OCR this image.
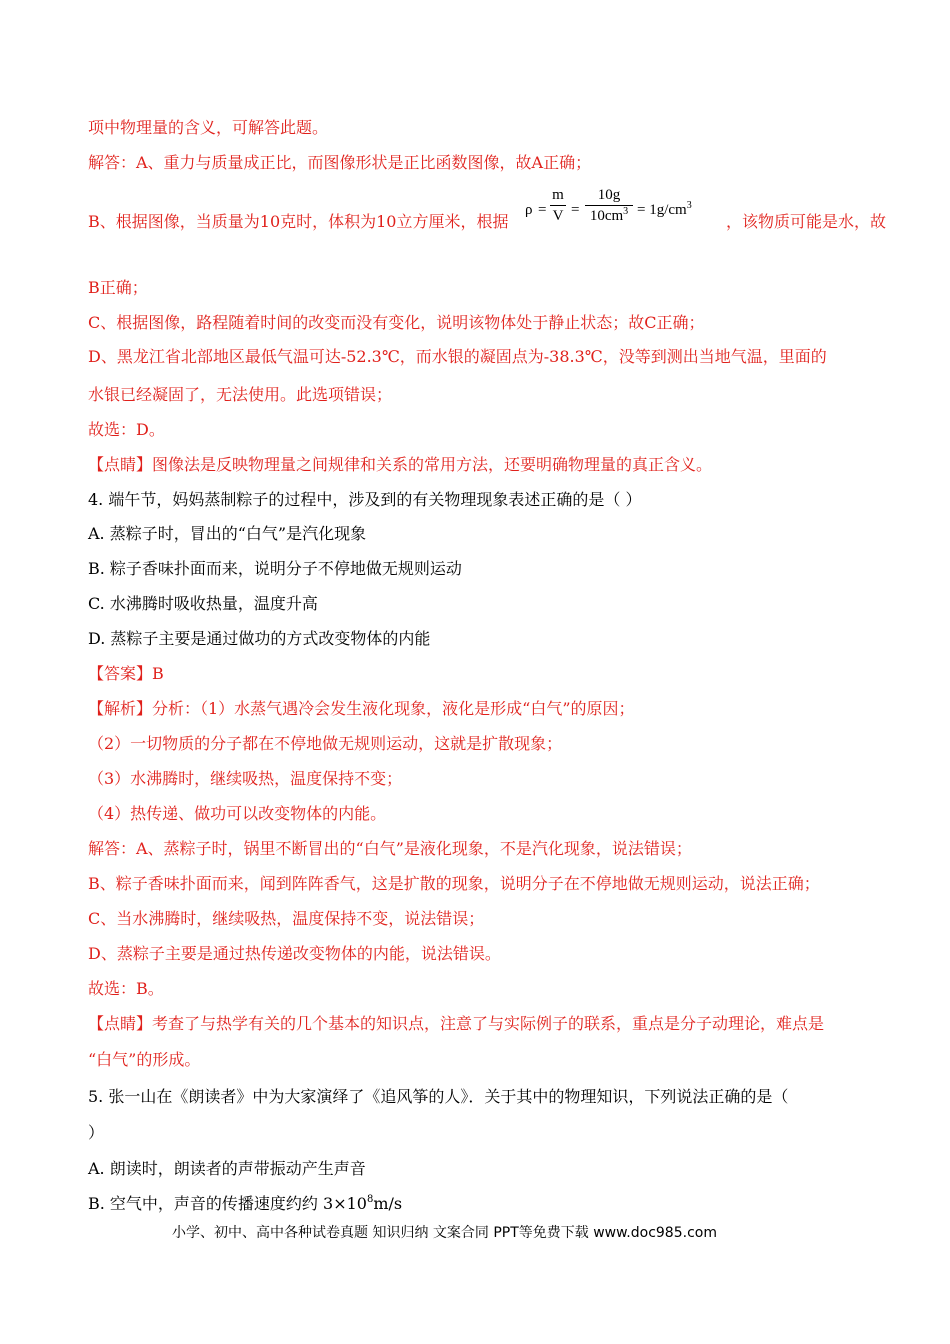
项中物理量的含义，可解答此题。
解答：A、重力与质量成正比，而图像形状是正比函数图像，故A正确；
B、根据图像，当质量为10克时，体积为10立方厘米，根据
ρ =
m
V =
10g
$10cm^3 = 1g/cm^3$
，该物质可能是水，故
B正确；
C、根据图像，路程随着时间的改变而没有变化，说明该物体处于静止状态；故C正确；
D、黑龙江省北部地区最低气温可达-52.3℃，而水银的凝固点为-38.3℃，没等到测出当地气温，里面的
水银已经凝固了，无法使用。此选项错误；
故选：D。
【点睛】图像法是反映物理量之间规律和关系的常用方法，还要明确物理量的真正含义。
4. 端午节，妈妈蒸制粽子的过程中，涉及到的有关物理现象表述正确的是（ ）
A. 蒸粽子时，冒出的“白气”是汽化现象
B. 粽子香味扑面而来，说明分子不停地做无规则运动
C. 水沸腾时吸收热量，温度升高
D. 蒸粽子主要是通过做功的方式改变物体的内能
【答案】B
【解析】分析：（1）水蒸气遇冷会发生液化现象，液化是形成“白气”的原因；
（2）一切物质的分子都在不停地做无规则运动，这就是扩散现象；
（3）水沸腾时，继续吸热，温度保持不变；
（4）热传递、做功可以改变物体的内能。
解答：A、蒸粽子时，锅里不断冒出的“白气”是液化现象，不是汽化现象，说法错误；
B、粽子香味扑面而来，闻到阵阵香气，这是扩散的现象，说明分子在不停地做无规则运动，说法正确；
C、当水沸腾时，继续吸热，温度保持不变，说法错误；
D、蒸粽子主要是通过热传递改变物体的内能，说法错误。
故选：B。
【点睛】考查了与热学有关的几个基本的知识点，注意了与实际例子的联系，重点是分子动理论，难点是
“白气”的形成。
5. 张一山在《朗读者》中为大家演绎了《追风筝的人》．关于其中的物理知识，下列说法正确的是（
）
A. 朗读时，朗读者的声带振动产生声音
B. 空气中，声音的传播速度约约 $3\times 10^8m/s$
小学、初中、高中各种试卷真题 知识归纳 文案合同 PPT等免费下载 www.doc985.com
